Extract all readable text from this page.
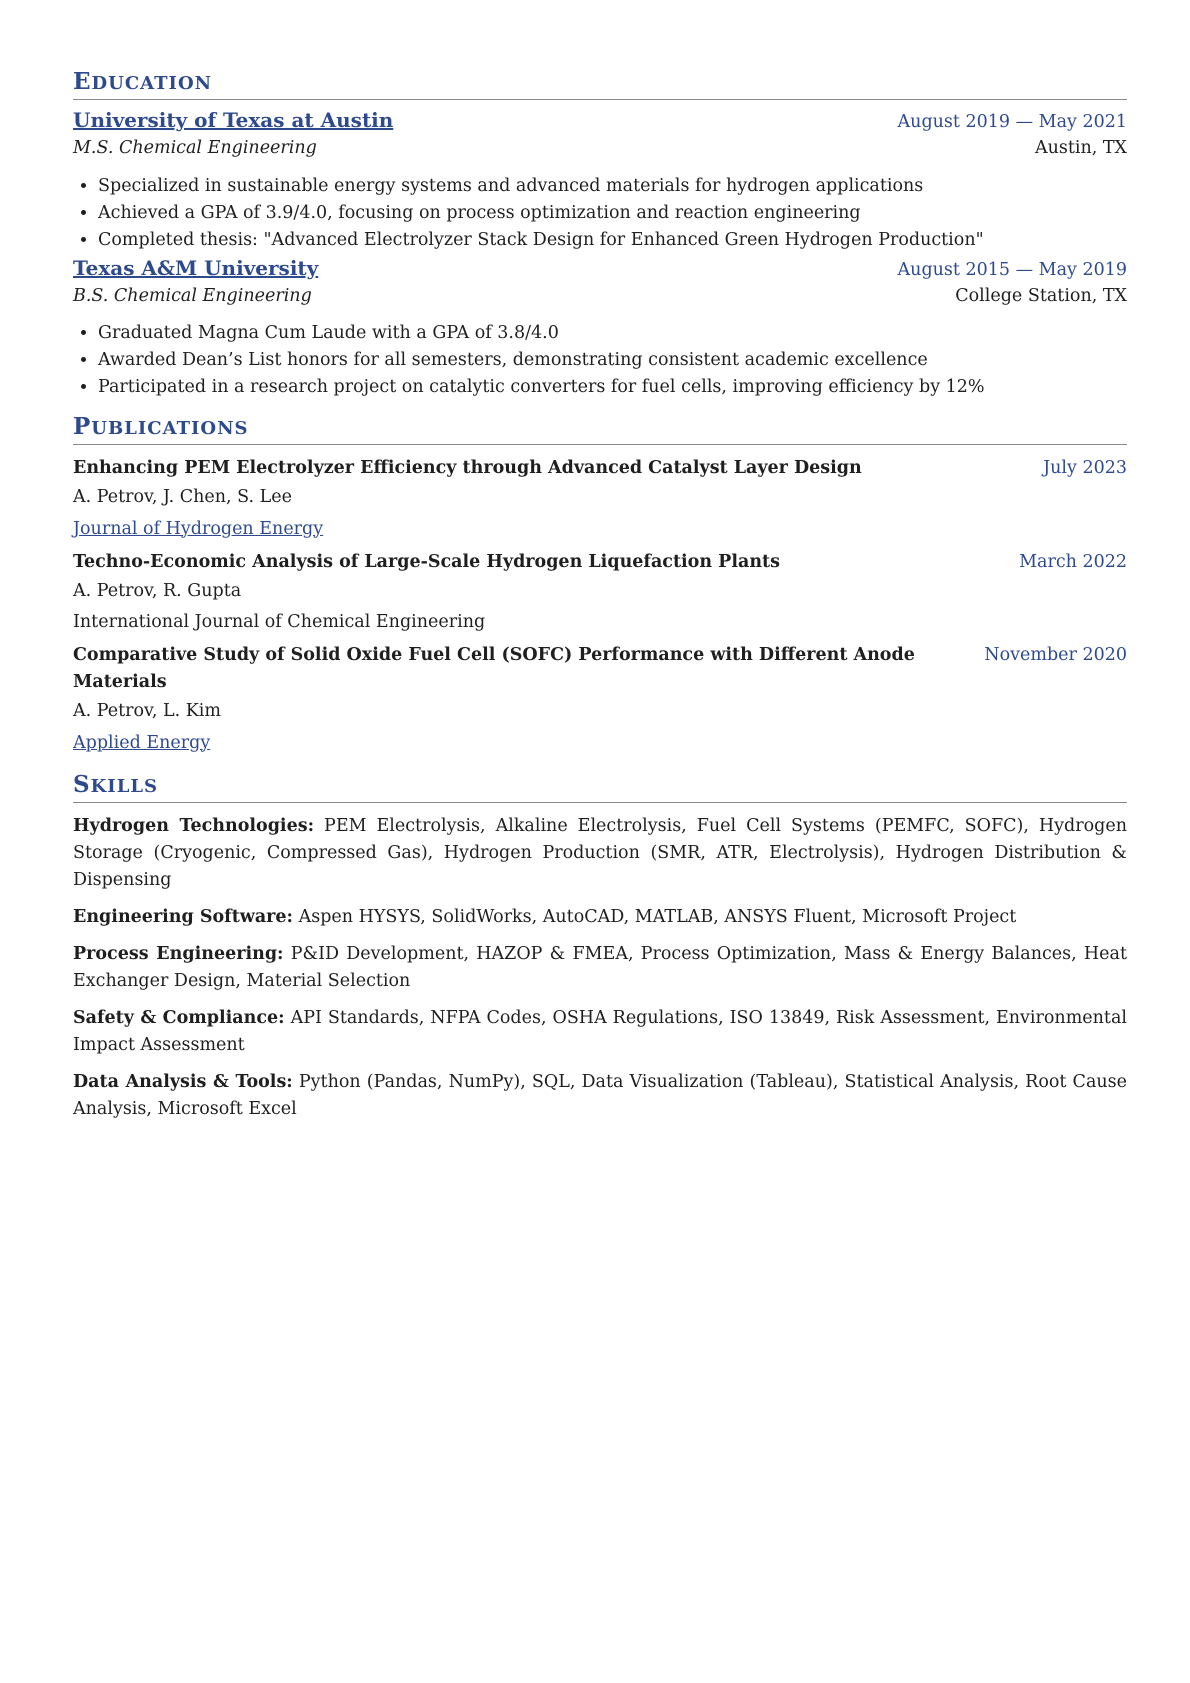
EDUCATION
University of Texas at Austin	August 2019 — May 2021
M.S. Chemical Engineering	Austin, TX
• Specialized in sustainable energy systems and advanced materials for hydrogen applications
• Achieved a GPA of 3.9/4.0, focusing on process optimization and reaction engineering
• Completed thesis: "Advanced Electrolyzer Stack Design for Enhanced Green Hydrogen Production"
Texas A&M University	August 2015 — May 2019
B.S. Chemical Engineering	College Station, TX
• Graduated Magna Cum Laude with a GPA of 3.8/4.0
• Awarded Dean’s List honors for all semesters, demonstrating consistent academic excellence
• Participated in a research project on catalytic converters for fuel cells, improving efficiency by 12%
PUBLICATIONS
Enhancing PEM Electrolyzer Efficiency through Advanced Catalyst Layer Design	July 2023
A. Petrov, J. Chen, S. Lee
Journal of Hydrogen Energy
Techno-Economic Analysis of Large-Scale Hydrogen Liquefaction Plants	March 2022
A. Petrov, R. Gupta
International Journal of Chemical Engineering
Comparative Study of Solid Oxide Fuel Cell (SOFC) Performance with Different Anode Materials
November 2020
A. Petrov, L. Kim
Applied Energy
SKILLS
Hydrogen Technologies: PEM Electrolysis, Alkaline Electrolysis, Fuel Cell Systems (PEMFC, SOFC), Hydrogen Storage (Cryogenic, Compressed Gas), Hydrogen Production (SMR, ATR, Electrolysis), Hydrogen Distribution & Dispensing
Engineering Software: Aspen HYSYS, SolidWorks, AutoCAD, MATLAB, ANSYS Fluent, Microsoft Project
Process Engineering: P&ID Development, HAZOP & FMEA, Process Optimization, Mass & Energy Balances, Heat Exchanger Design, Material Selection
Safety & Compliance: API Standards, NFPA Codes, OSHA Regulations, ISO 13849, Risk Assessment, Environmental Impact Assessment
Data Analysis & Tools: Python (Pandas, NumPy), SQL, Data Visualization (Tableau), Statistical Analysis, Root Cause Analysis, Microsoft Excel
